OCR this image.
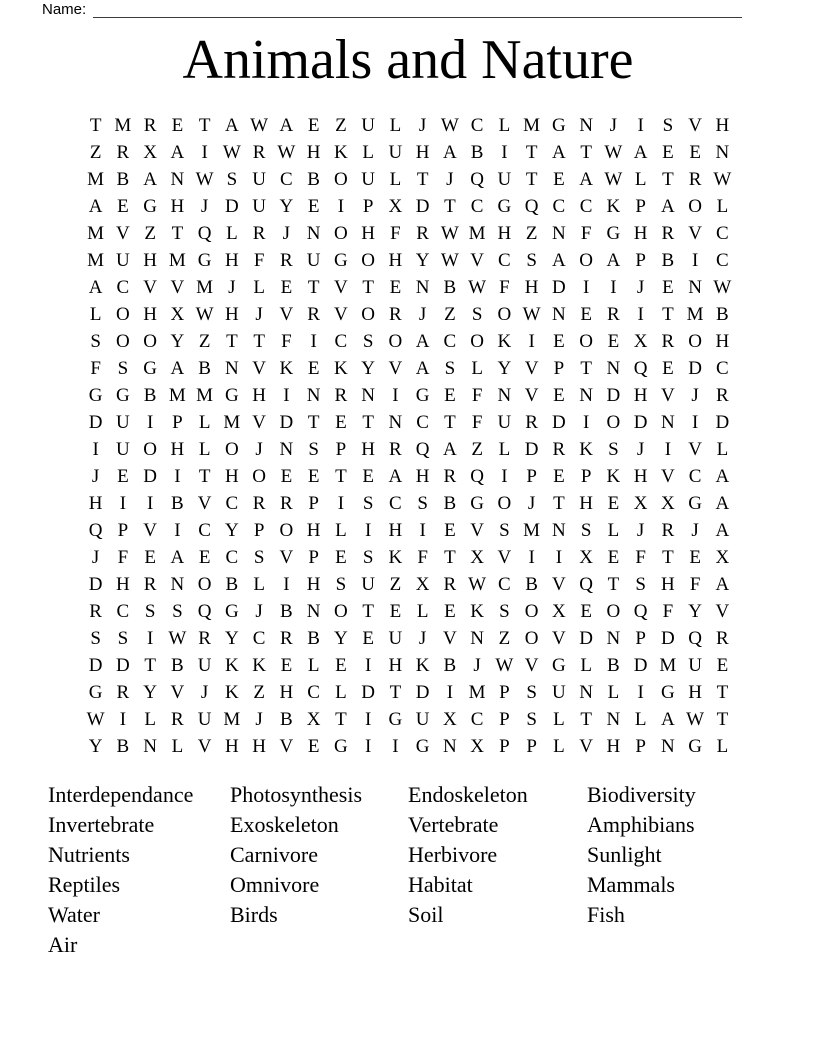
Name:
Animals and Nature
T M R E T A W A E Z U L J W C L M G N J	I S V H
Z R X A I W R W H K L U H A B I T A T W A E E N
M B A N W S U C B O U L T J Q U T E A W L T R W
A E G H J D U Y E I P X D T C G Q C C K P A O L
M V Z T Q L R J N O H F R W M H Z N F G H R V C
M U H M G H F R U G O H Y W V C S A O A P B I C
A C V V M J L E T V T E N B W F H D I	I	J E N W
L O H X W H J V R V O R J Z S O W N E R I T M B
S O O Y Z T T F I C S O A C O K I E O E X R O H
F S G A B N V K E K Y V A S L Y V P T N Q E D C
G G B M M G H I N R N I G E F N V E N D H V J R
D U I P L M V D T E T N C T F U R D I O D N I D
I U O H L O J N S P H R Q A Z L D R K S J	I V L
J E D I T H O E E T E A H R Q I P E P K H V C A
H I	I B V C R R P I S C S B G O J T H E X X G A
Q P V I C Y P O H L I H I E V S M N S L J R J A
J F E A E C S V P E S K F T X V I	I X E F T E X
D H R N O B L I H S U Z X R W C B V Q T S H F A
R C S S Q G J B N O T E L E K S O X E O Q F Y V
S S I W R Y C R B Y E U J V N Z O V D N P D Q R
D D T B U K K E L E I H K B J W V G L B D M U E
G R Y V J K Z H C L D T D I M P S U N L I G H T
W I L R U M J B X T I G U X C P S L T N L A W T
Y B N L V H H V E G I	I G N X P P L V H P N G L
Interdependance
Invertebrate
Nutrients
Reptiles
Water
Air
Photosynthesis
Exoskeleton
Carnivore
Omnivore
Birds
Endoskeleton
Vertebrate
Herbivore
Habitat
Soil
Biodiversity
Amphibians
Sunlight
Mammals
Fish
